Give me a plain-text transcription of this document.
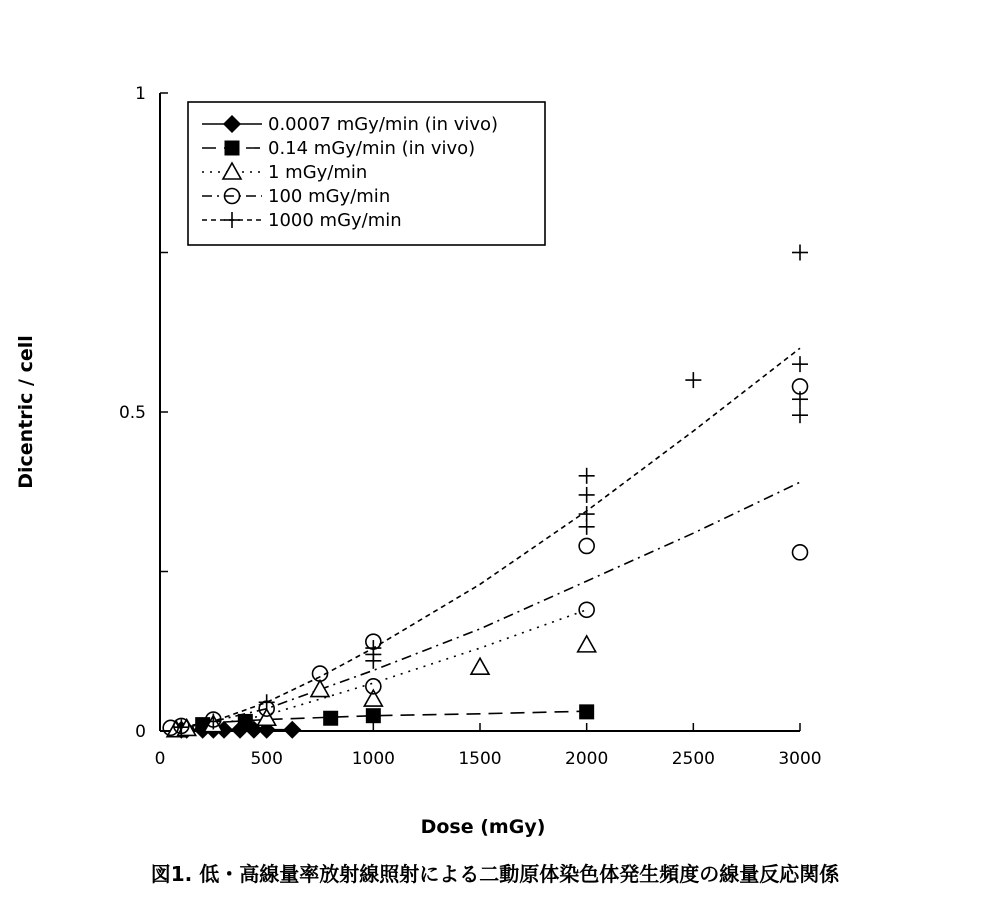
0	500	1000	1500	2000	2500	3000
0
0.5
1
0.0007 mGy/min (in vivo)
0.14 mGy/min (in vivo)
1 mGy/min
100 mGy/min
1000 mGy/min
Dose (mGy)
Dicentric / cell
図1. 低・高線量率放射線照射による二動原体染色体発生頻度の線量反応関係
